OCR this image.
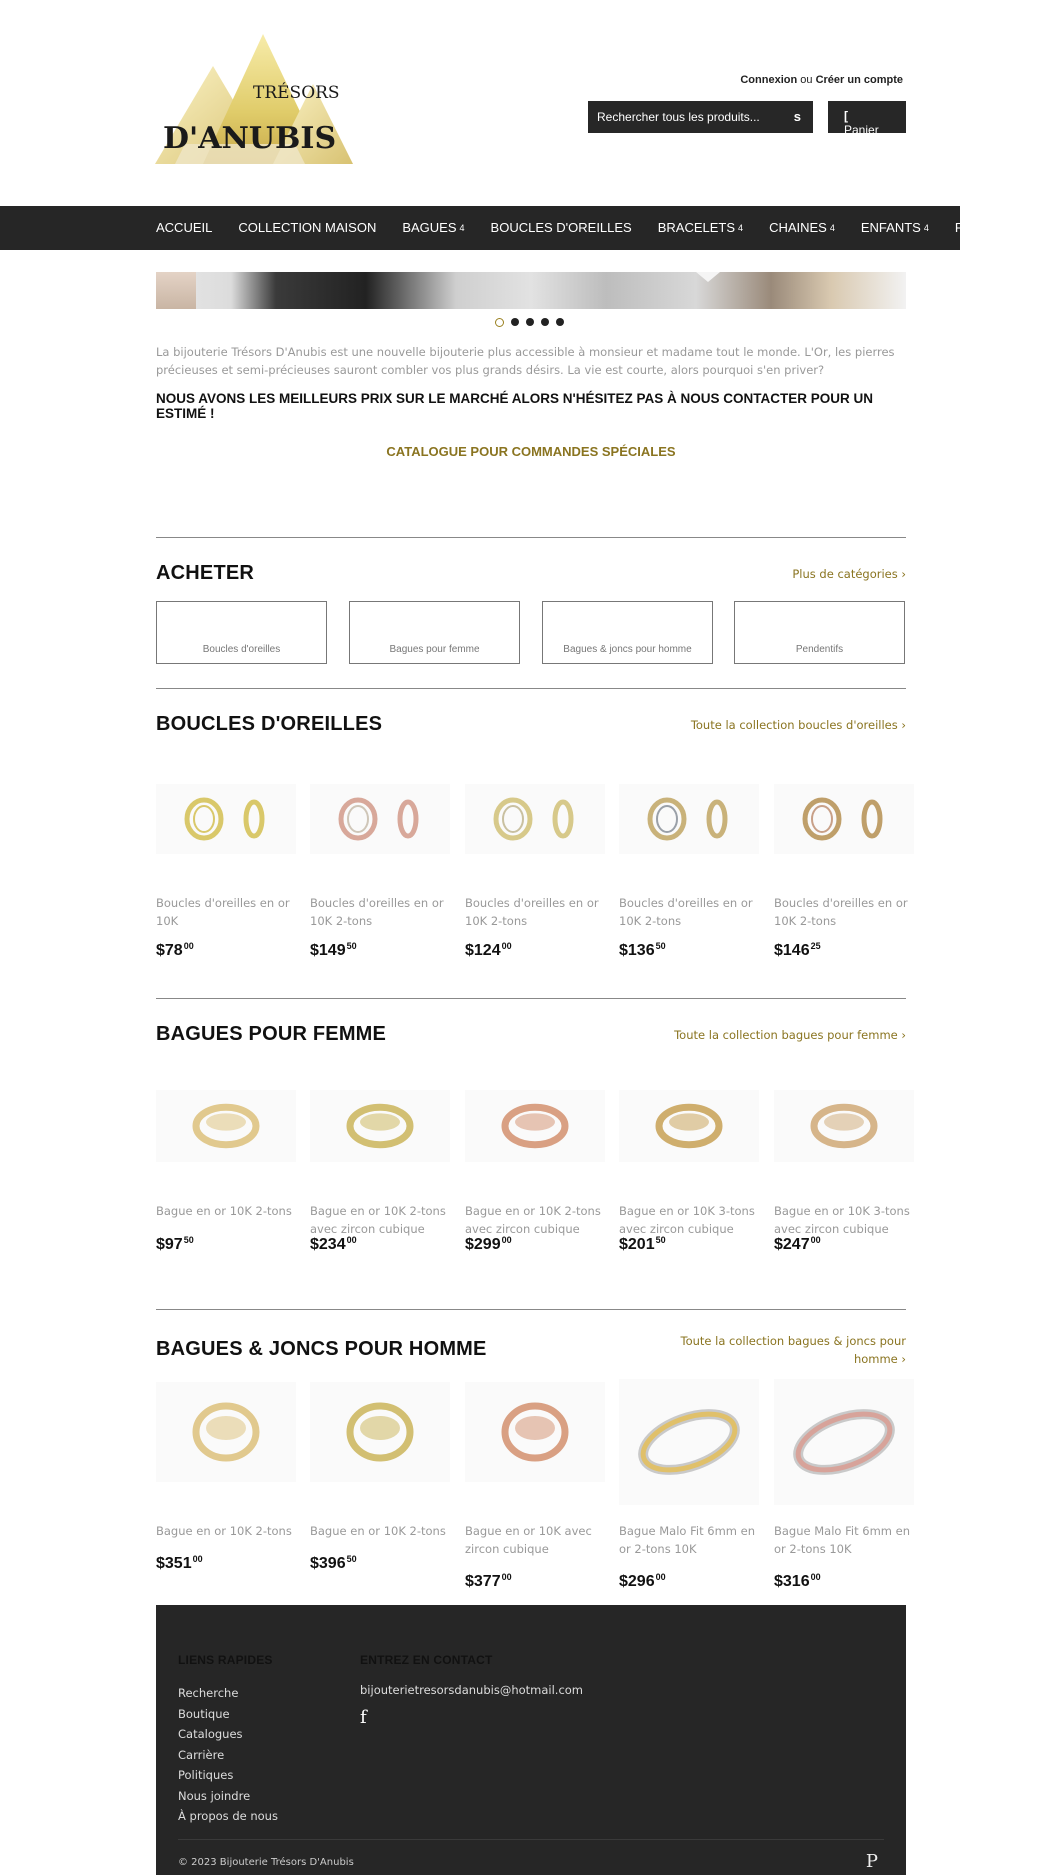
TRÉSORS
D'ANUBIS
Connexion ou Créer un compte
Rechercher tous les produits...	s	[ Panier
ACCUEIL COLLECTION MAISON BAGUES $^4$ BOUCLES D'OREILLES BRACELETS $^4$ CHAINES $^4$ ENFANTS $^4$ PLUS $^4$
La bijouterie Trésors D'Anubis est une nouvelle bijouterie plus accessible à monsieur et madame tout le monde. L'Or, les pierres précieuses et semi-précieuses sauront combler vos plus grands désirs. La vie est courte, alors pourquoi s'en priver?
NOUS AVONS LES MEILLEURS PRIX SUR LE MARCHÉ ALORS N'HÉSITEZ PAS À NOUS CONTACTER POUR UN ESTIMÉ !
CATALOGUE POUR COMMANDES SPÉCIALES
ACHETER	Plus de catégories ›
Boucles d'oreilles	Bagues pour femme	Bagues & joncs pour homme	Pendentifs
BOUCLES D'OREILLES	Toute la collection boucles d'oreilles ›
Boucles d'oreilles en or 10K
$\$78^{00}$
Boucles d'oreilles en or 10K 2-tons
$\$149^{50}$
Boucles d'oreilles en or 10K 2-tons
$\$124^{00}$
Boucles d'oreilles en or 10K 2-tons
$\$136^{50}$
Boucles d'oreilles en or 10K 2-tons
$\$146^{25}$
BAGUES POUR FEMME	Toute la collection bagues pour femme ›
Bague en or 10K 2-tons
$\$97^{50}$
Bague en or 10K 2-tons avec zircon cubique
$\$234^{00}$
Bague en or 10K 2-tons avec zircon cubique
$\$299^{00}$
Bague en or 10K 3-tons avec zircon cubique
$\$201^{50}$
Bague en or 10K 3-tons avec zircon cubique
$\$247^{00}$
BAGUES & JONCS POUR HOMME	Toute la collection bagues & joncs pour homme ›
Bague en or 10K 2-tons
$\$351^{00}$
Bague en or 10K 2-tons
$\$396^{50}$
Bague en or 10K avec zircon cubique
$\$377^{00}$
Bague Malo Fit 6mm en or 2-tons 10K
$\$296^{00}$
Bague Malo Fit 6mm en or 2-tons 10K
$\$316^{00}$
LIENS RAPIDES
Recherche
Boutique
Catalogues
Carrière
Politiques
Nous joindre
À propos de nous
ENTREZ EN CONTACT
bijouterietresorsdanubis@hotmail.com
f
© 2023 Bijouterie Trésors D'Anubis	P
